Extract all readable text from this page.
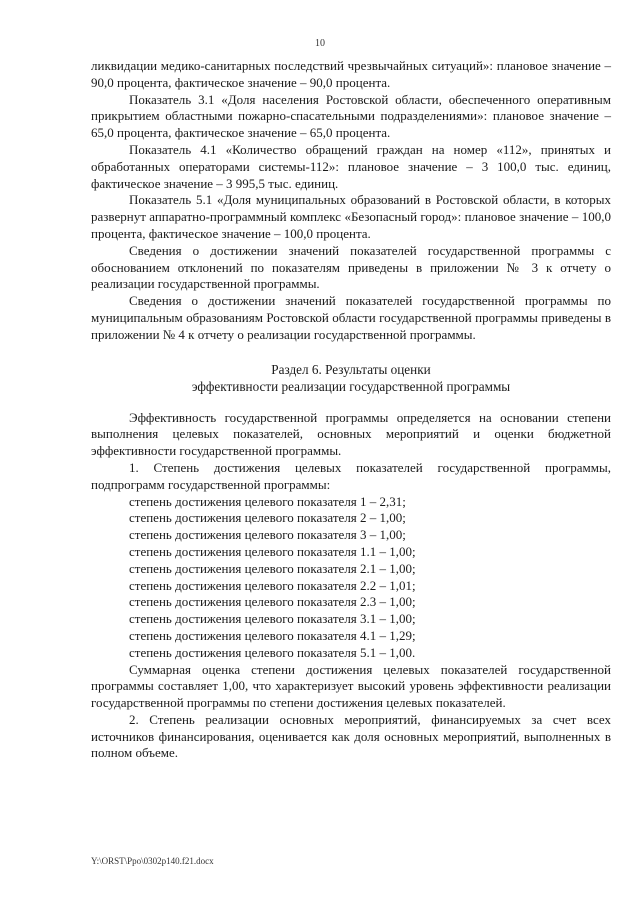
10

ликвидации медико-санитарных последствий чрезвычайных ситуаций»: плановое значение – 90,0 процента, фактическое значение – 90,0 процента.

Показатель 3.1 «Доля населения Ростовской области, обеспеченного оперативным прикрытием областными пожарно-спасательными подразделениями»: плановое значение – 65,0 процента, фактическое значение – 65,0 процента.

Показатель 4.1 «Количество обращений граждан на номер «112», принятых и обработанных операторами системы-112»: плановое значение – 3 100,0 тыс. единиц, фактическое значение – 3 995,5 тыс. единиц.

Показатель 5.1 «Доля муниципальных образований в Ростовской области, в которых развернут аппаратно-программный комплекс «Безопасный город»: плановое значение – 100,0 процента, фактическое значение – 100,0 процента.

Сведения о достижении значений показателей государственной программы с обоснованием отклонений по показателям приведены в приложении № 3 к отчету о реализации государственной программы.

Сведения о достижении значений показателей государственной программы по муниципальным образованиям Ростовской области государственной программы приведены в приложении № 4 к отчету о реализации государственной программы.

Раздел 6. Результаты оценки

эффективности реализации государственной программы

Эффективность государственной программы определяется на основании степени выполнения целевых показателей, основных мероприятий и оценки бюджетной эффективности государственной программы.

1. Степень достижения целевых показателей государственной программы, подпрограмм государственной программы:

степень достижения целевого показателя 1 – 2,31;

степень достижения целевого показателя 2 – 1,00;

степень достижения целевого показателя 3 – 1,00;

степень достижения целевого показателя 1.1 – 1,00;

степень достижения целевого показателя 2.1 – 1,00;

степень достижения целевого показателя 2.2 – 1,01;

степень достижения целевого показателя 2.3 – 1,00;

степень достижения целевого показателя 3.1 – 1,00;

степень достижения целевого показателя 4.1 – 1,29;

степень достижения целевого показателя 5.1 – 1,00.

Суммарная оценка степени достижения целевых показателей государственной программы составляет 1,00, что характеризует высокий уровень эффективности реализации государственной программы по степени достижения целевых показателей.

2. Степень реализации основных мероприятий, финансируемых за счет всех источников финансирования, оценивается как доля основных мероприятий, выполненных в полном объеме.

Y:\ORST\Ppo\0302p140.f21.docx
